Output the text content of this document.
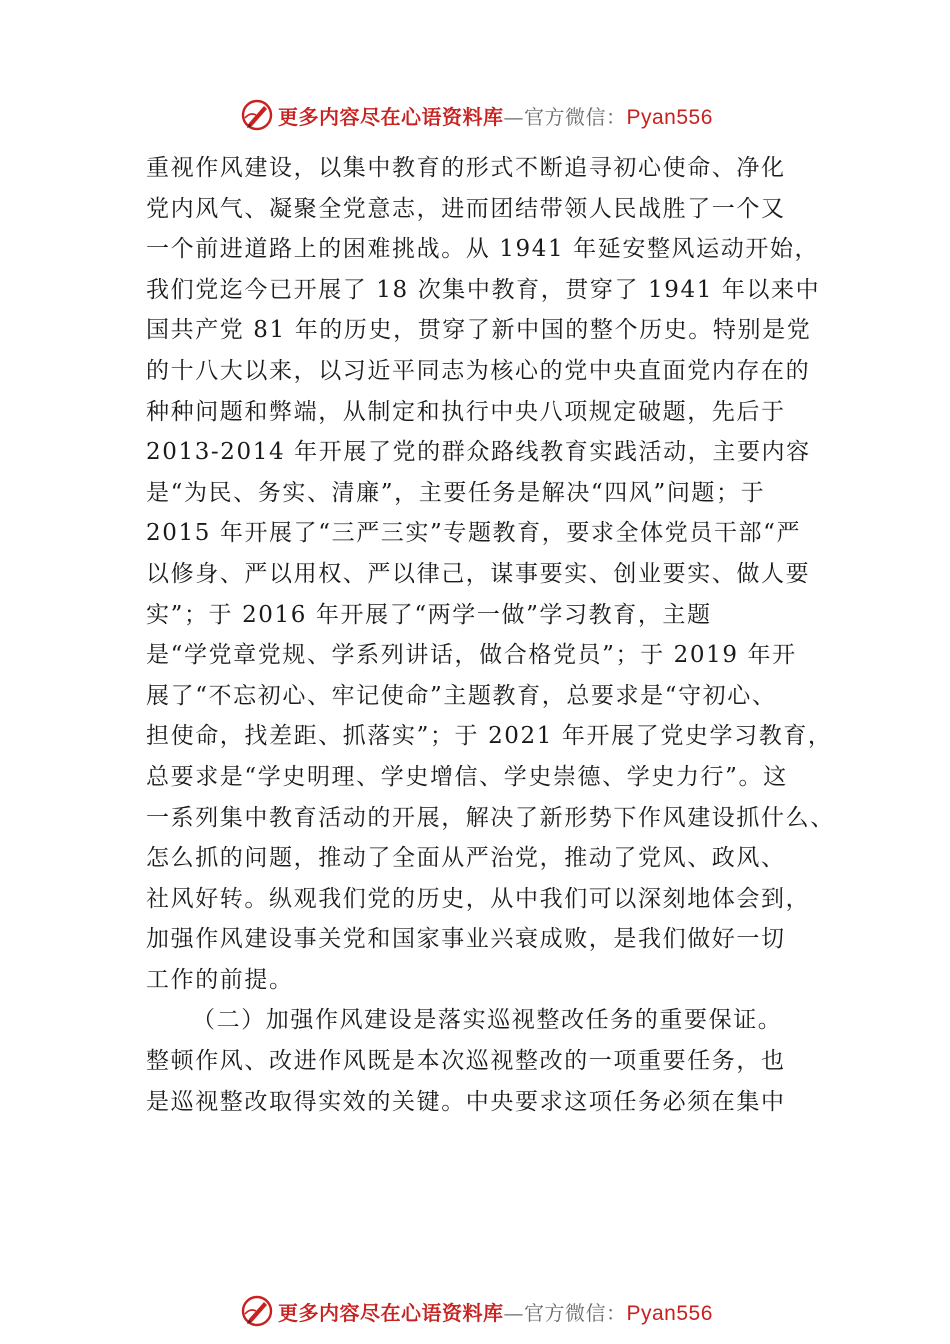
更多内容尽在心语资料库—官方微信：Pyan556
重视作风建设，以集中教育的形式不断追寻初心使命、净化
党内风气、凝聚全党意志，进而团结带领人民战胜了一个又
一个前进道路上的困难挑战。从 1941 年延安整风运动开始，
我们党迄今已开展了 18 次集中教育，贯穿了 1941 年以来中
国共产党 81 年的历史，贯穿了新中国的整个历史。特别是党
的十八大以来，以习近平同志为核心的党中央直面党内存在的
种种问题和弊端，从制定和执行中央八项规定破题，先后于
2013-2014 年开展了党的群众路线教育实践活动，主要内容
是“为民、务实、清廉”，主要任务是解决“四风”问题；于
2015 年开展了“三严三实”专题教育，要求全体党员干部“严
以修身、严以用权、严以律己，谋事要实、创业要实、做人要
实”；于 2016 年开展了“两学一做”学习教育，主题
是“学党章党规、学系列讲话，做合格党员”；于 2019 年开
展了“不忘初心、牢记使命”主题教育，总要求是“守初心、
担使命，找差距、抓落实”；于 2021 年开展了党史学习教育，
总要求是“学史明理、学史增信、学史崇德、学史力行”。这
一系列集中教育活动的开展，解决了新形势下作风建设抓什么、
怎么抓的问题，推动了全面从严治党，推动了党风、政风、
社风好转。纵观我们党的历史，从中我们可以深刻地体会到，
加强作风建设事关党和国家事业兴衰成败，是我们做好一切
工作的前提。
（二）加强作风建设是落实巡视整改任务的重要保证。
整顿作风、改进作风既是本次巡视整改的一项重要任务，也
是巡视整改取得实效的关键。中央要求这项任务必须在集中
更多内容尽在心语资料库—官方微信：Pyan556
